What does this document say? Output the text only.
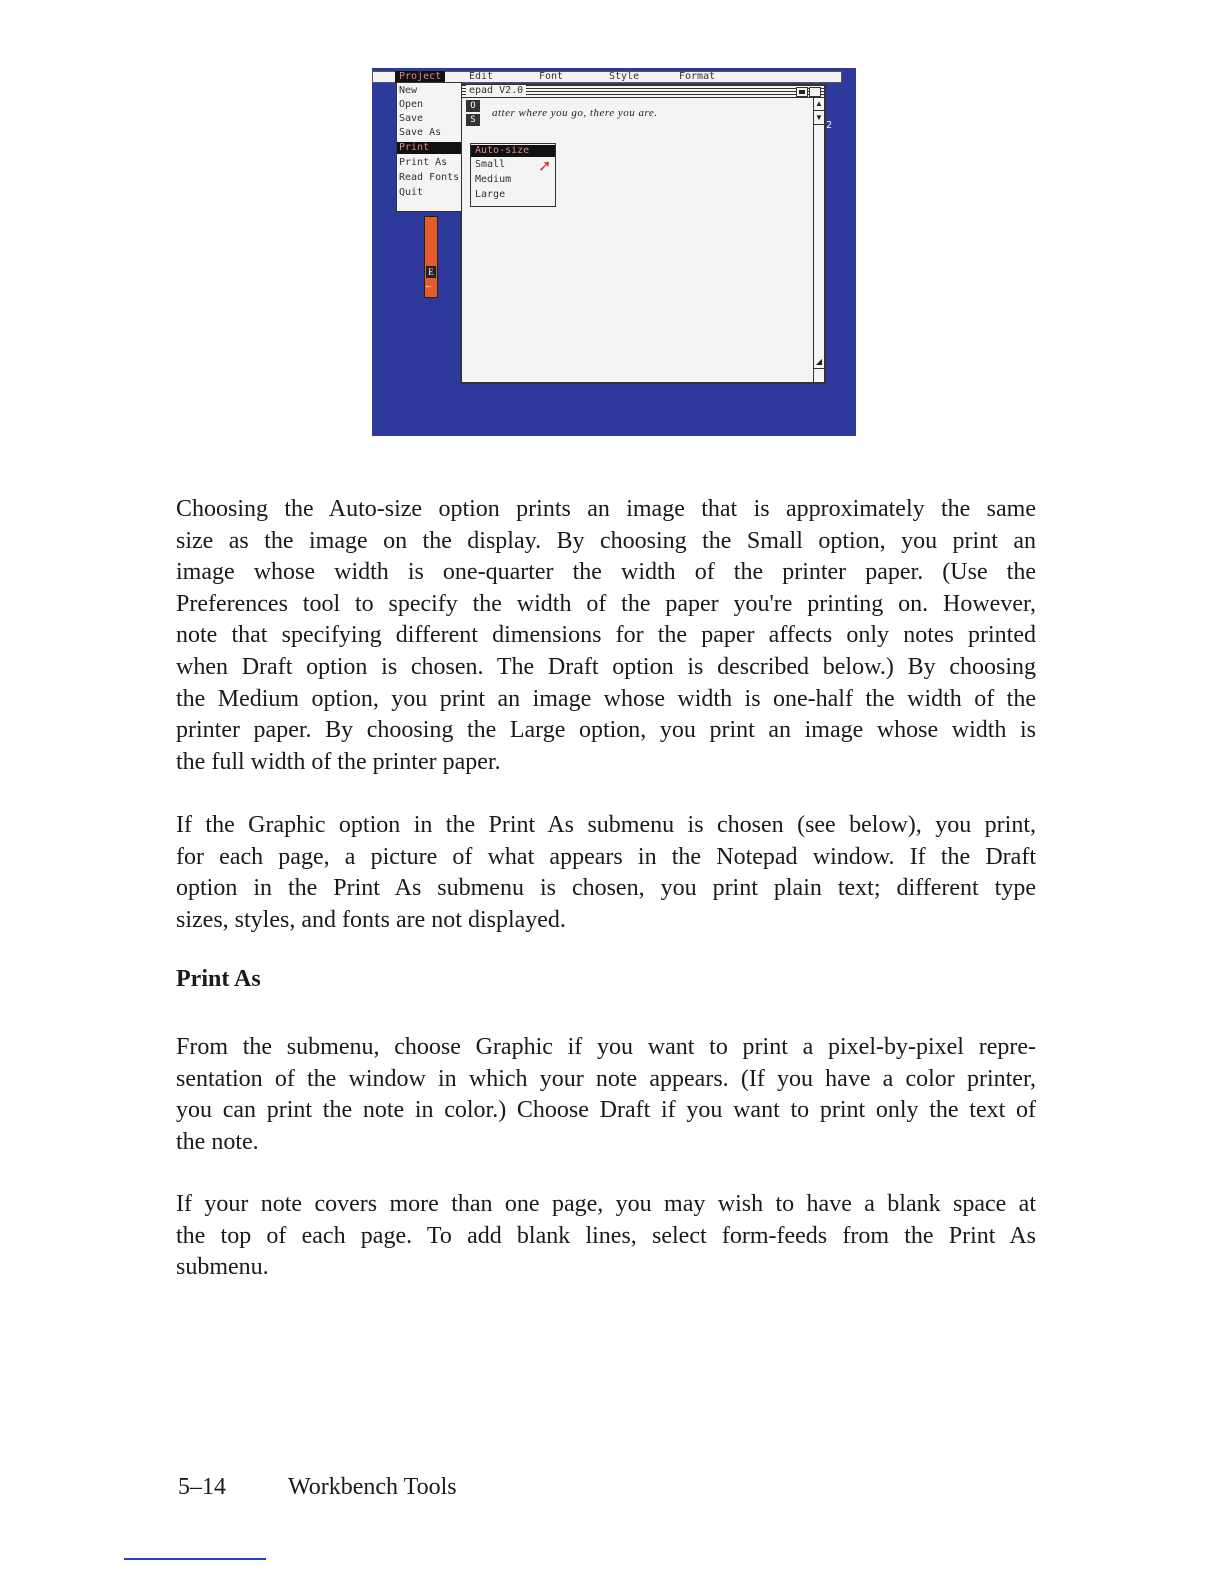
Project	Edit	Font	Style	Format
E
←
epad V2.0
atter where you go, there you are.
▲
▼
◢
2
New
Open
Save
Save As
Print
Print As
Read Fonts
Quit
O
S
Auto-size
Small
Medium
Large
➚
Choosing the Auto-size option prints an image that is approximately the same
size as the image on the display. By choosing the Small option, you print an
image whose width is one-quarter the width of the printer paper. (Use the
Preferences tool to specify the width of the paper you're printing on. However,
note that specifying different dimensions for the paper affects only notes printed
when Draft option is chosen. The Draft option is described below.) By choosing
the Medium option, you print an image whose width is one-half the width of the
printer paper. By choosing the Large option, you print an image whose width is
the full width of the printer paper.
If the Graphic option in the Print As submenu is chosen (see below), you print,
for each page, a picture of what appears in the Notepad window. If the Draft
option in the Print As submenu is chosen, you print plain text; different type
sizes, styles, and fonts are not displayed.
Print As
From the submenu, choose Graphic if you want to print a pixel-by-pixel repre-
sentation of the window in which your note appears. (If you have a color printer,
you can print the note in color.) Choose Draft if you want to print only the text of
the note.
If your note covers more than one page, you may wish to have a blank space at
the top of each page. To add blank lines, select form-feeds from the Print As
submenu.
5–14	Workbench Tools
